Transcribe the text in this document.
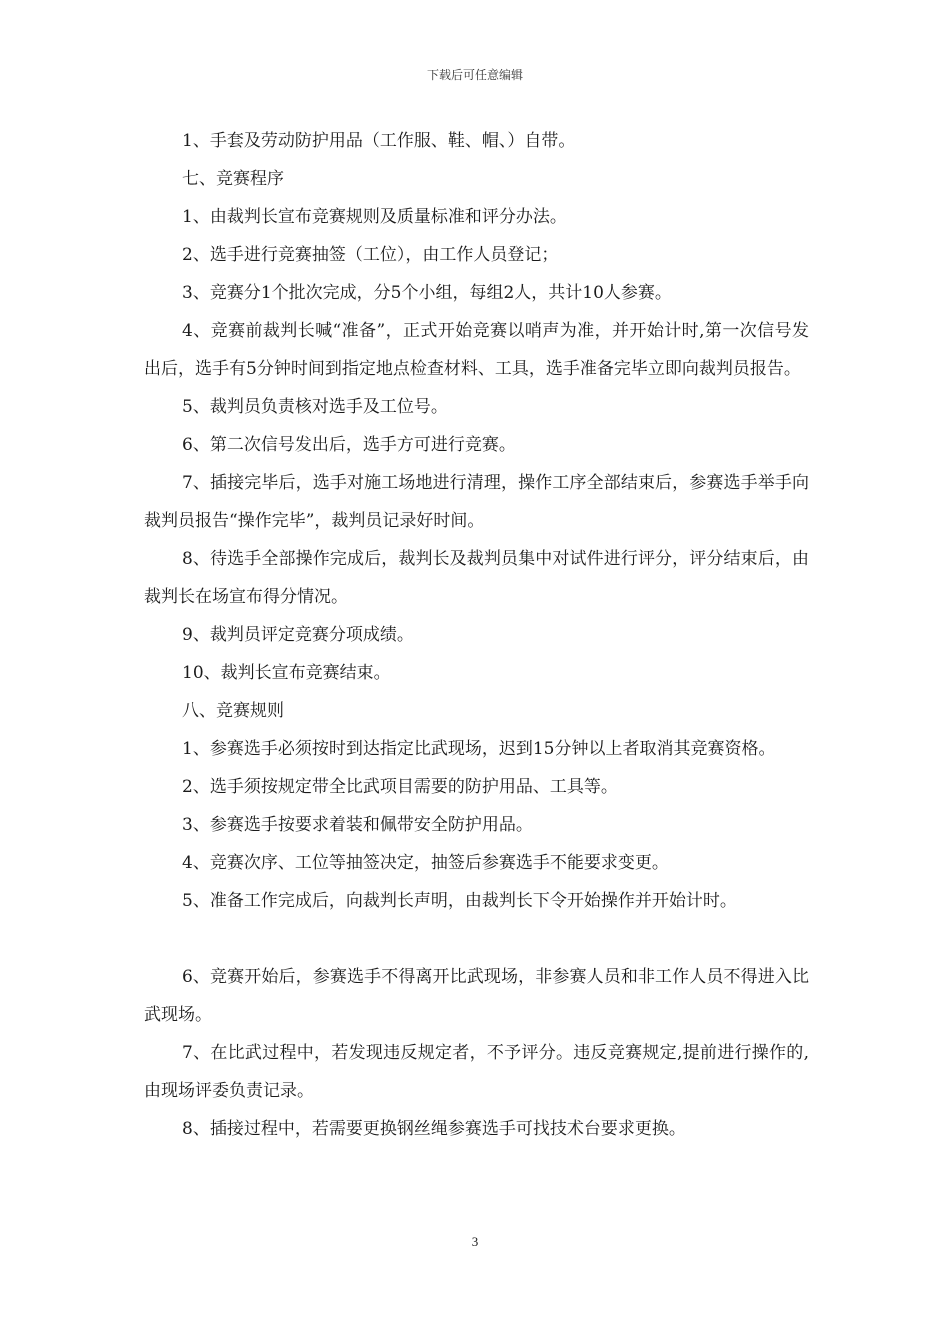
下载后可任意编辑

1、手套及劳动防护用品（工作服、鞋、帽、）自带。

七、竞赛程序

1、由裁判长宣布竞赛规则及质量标准和评分办法。

2、选手进行竞赛抽签（工位），由工作人员登记；

3、竞赛分1个批次完成，分5个小组，每组2人，共计10人参赛。

4、竞赛前裁判长喊“准备”，正式开始竞赛以哨声为准，并开始计时,第一次信号发出后，选手有5分钟时间到指定地点检查材料、工具，选手准备完毕立即向裁判员报告。

5、裁判员负责核对选手及工位号。

6、第二次信号发出后，选手方可进行竞赛。

7、插接完毕后，选手对施工场地进行清理，操作工序全部结束后，参赛选手举手向裁判员报告“操作完毕”，裁判员记录好时间。

8、待选手全部操作完成后，裁判长及裁判员集中对试件进行评分，评分结束后，由裁判长在场宣布得分情况。

9、裁判员评定竞赛分项成绩。

10、裁判长宣布竞赛结束。

八、竞赛规则

1、参赛选手必须按时到达指定比武现场，迟到15分钟以上者取消其竞赛资格。

2、选手须按规定带全比武项目需要的防护用品、工具等。

3、参赛选手按要求着装和佩带安全防护用品。

4、竞赛次序、工位等抽签决定，抽签后参赛选手不能要求变更。

5、准备工作完成后，向裁判长声明，由裁判长下令开始操作并开始计时。

6、竞赛开始后，参赛选手不得离开比武现场，非参赛人员和非工作人员不得进入比武现场。

7、在比武过程中，若发现违反规定者，不予评分。违反竞赛规定,提前进行操作的,由现场评委负责记录。

8、插接过程中，若需要更换钢丝绳参赛选手可找技术台要求更换。

3
